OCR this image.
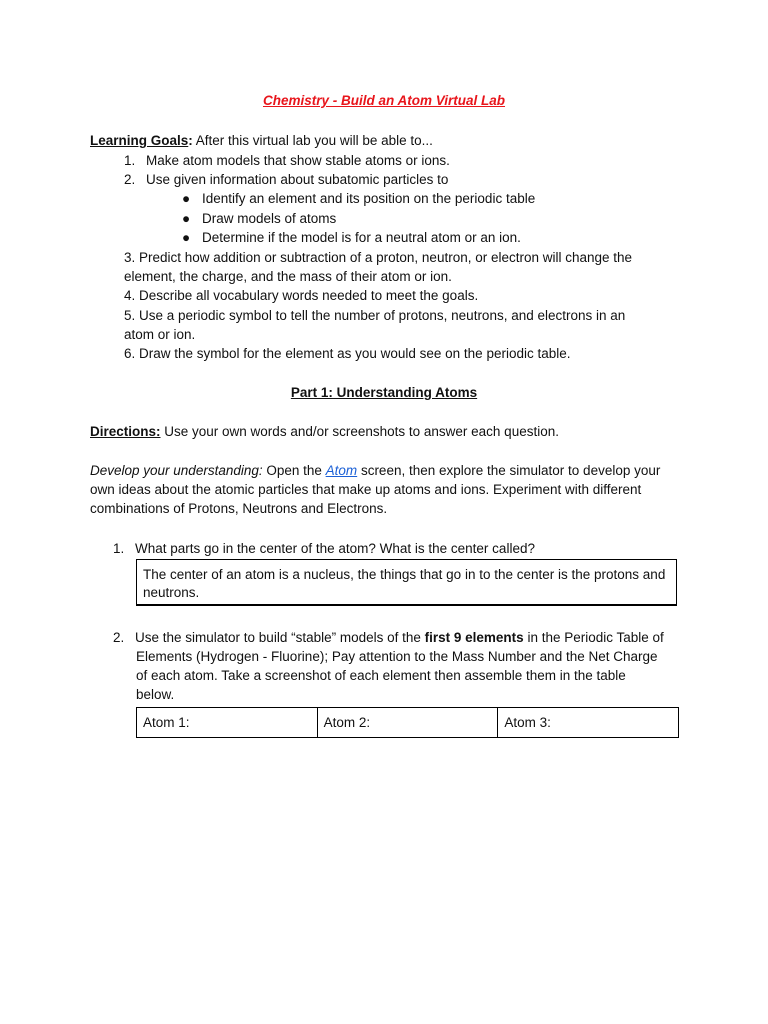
Chemistry - Build an Atom Virtual Lab
Learning Goals: After this virtual lab you will be able to...
1. Make atom models that show stable atoms or ions.
2. Use given information about subatomic particles to
● Identify an element and its position on the periodic table
● Draw models of atoms
● Determine if the model is for a neutral atom or an ion.
3. Predict how addition or subtraction of a proton, neutron, or electron will change the
element, the charge, and the mass of their atom or ion.
4. Describe all vocabulary words needed to meet the goals.
5. Use a periodic symbol to tell the number of protons, neutrons, and electrons in an
atom or ion.
6. Draw the symbol for the element as you would see on the periodic table.
Part 1: Understanding Atoms
Directions: Use your own words and/or screenshots to answer each question.
Develop your understanding: Open the Atom screen, then explore the simulator to develop your
own ideas about the atomic particles that make up atoms and ions. Experiment with different
combinations of Protons, Neutrons and Electrons.
1. What parts go in the center of the atom? What is the center called?
The center of an atom is a nucleus, the things that go in to the center is the protons and neutrons.
2. Use the simulator to build “stable” models of the first 9 elements in the Periodic Table of
Elements (Hydrogen - Fluorine); Pay attention to the Mass Number and the Net Charge
of each atom. Take a screenshot of each element then assemble them in the table
below.
Atom 1:	Atom 2:	Atom 3:
